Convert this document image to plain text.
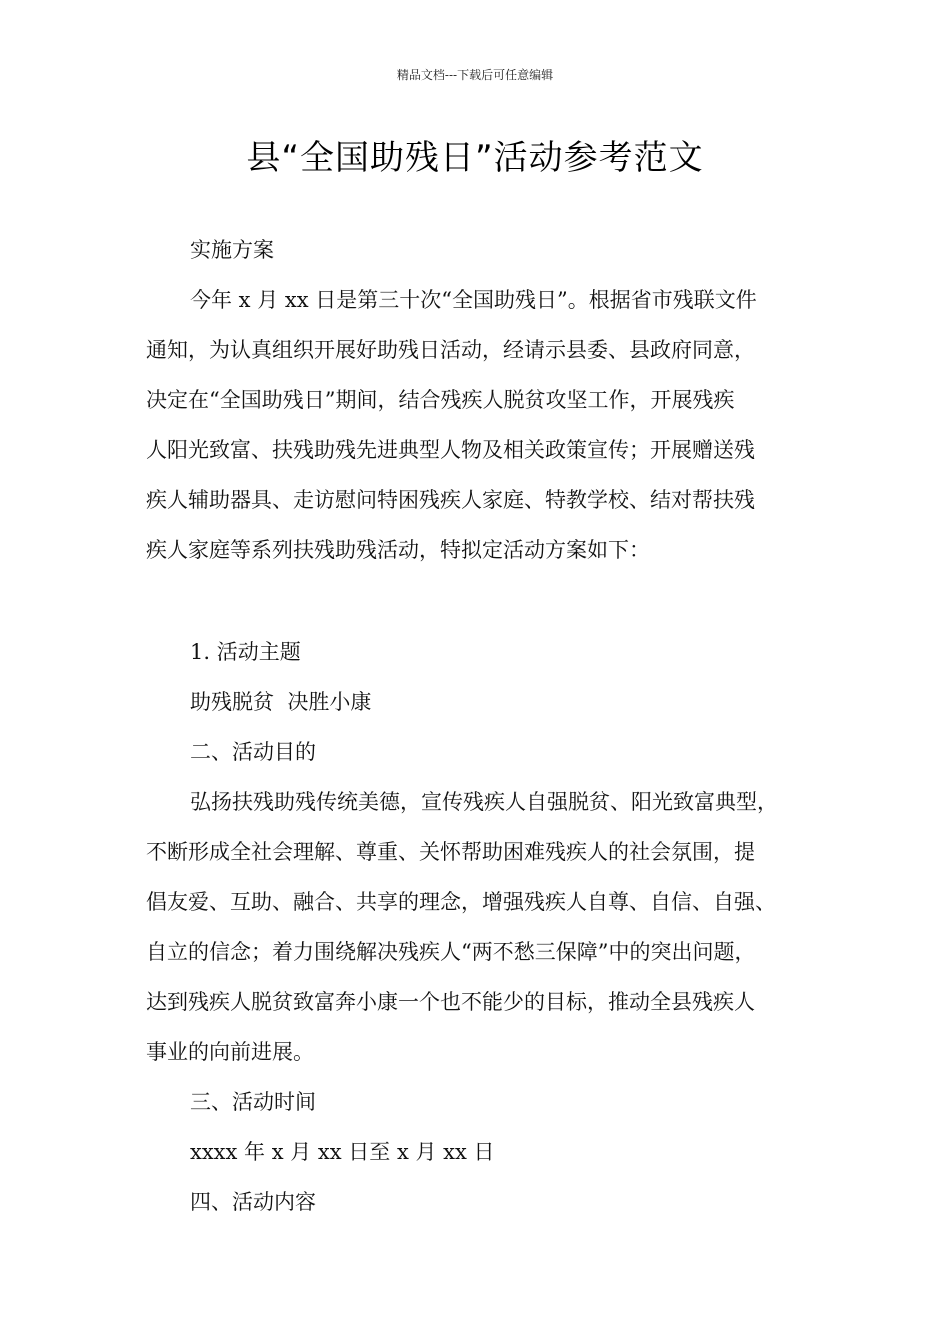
精品文档---下载后可任意编辑
县“全国助残日”活动参考范文
实施方案
今年 x 月 xx 日是第三十次“全国助残日”。根据省市残联文件
通知，为认真组织开展好助残日活动，经请示县委、县政府同意，
决定在“全国助残日”期间，结合残疾人脱贫攻坚工作，开展残疾
人阳光致富、扶残助残先进典型人物及相关政策宣传；开展赠送残
疾人辅助器具、走访慰问特困残疾人家庭、特教学校、结对帮扶残
疾人家庭等系列扶残助残活动，特拟定活动方案如下：
1. 活动主题
助残脱贫  决胜小康
二、活动目的
弘扬扶残助残传统美德，宣传残疾人自强脱贫、阳光致富典型，
不断形成全社会理解、尊重、关怀帮助困难残疾人的社会氛围，提
倡友爱、互助、融合、共享的理念，增强残疾人自尊、自信、自强、
自立的信念；着力围绕解决残疾人“两不愁三保障”中的突出问题，
达到残疾人脱贫致富奔小康一个也不能少的目标，推动全县残疾人
事业的向前进展。
三、活动时间
xxxx 年 x 月 xx 日至 x 月 xx 日
四、活动内容
